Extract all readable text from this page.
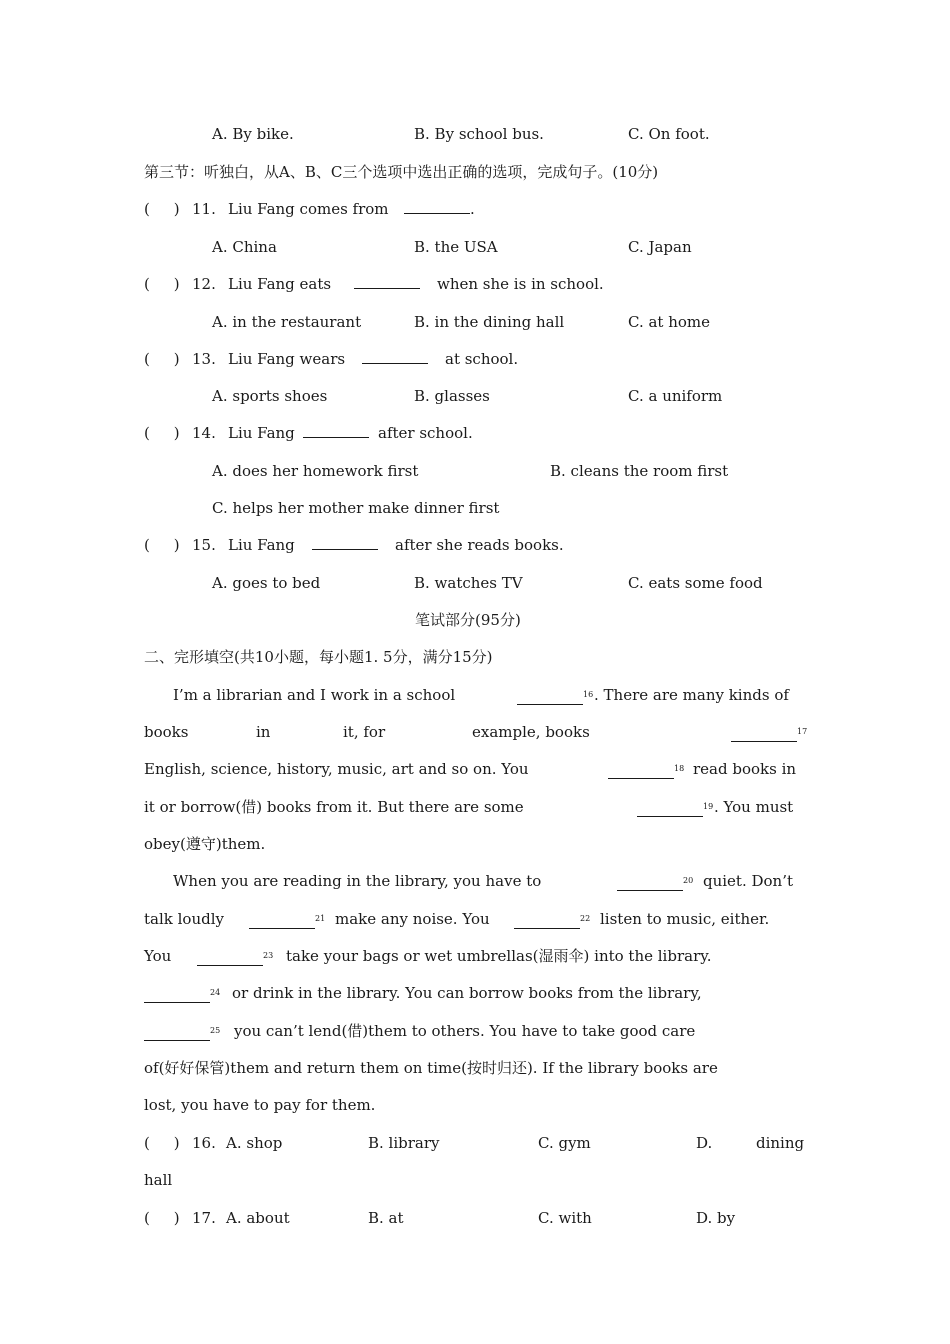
A. By bike.	B. By school bus.	C. On foot.
第三节：听独白，从A、B、C三个选项中选出正确的选项，完成句子。(10分)
(     ) 11. Liu Fang comes from	.
A. China	B. the USA	C. Japan
(     ) 12. Liu Fang eats	when she is in school.
A. in the restaurant	B. in the dining hall	C. at home
(     ) 13. Liu Fang wears	at school.
A. sports shoes	B. glasses	C. a uniform
(     ) 14. Liu Fang	after school.
A. does her homework first	B. cleans the room first
C. helps her mother make dinner first
(     ) 15. Liu Fang	after she reads books.
A. goes to bed	B. watches TV	C. eats some food
笔试部分(95分)
二、完形填空(共10小题，每小题1. 5分，满分15分)
I’m a librarian and I work in a school	$^{16}$ . There are many kinds of
books	in	it, for	example, books	$^{17}$
English, science, history, music, art and so on. You	$^{18}$ read books in
it or borrow(借) books from it. But there are some	$^{19}$ . You must
obey(遵守)them.
When you are reading in the library, you have to	$^{20}$ quiet. Don’t
talk loudly	$^{21}$ make any noise. You	$^{22}$ listen to music, either.
You	$^{23}$ take your bags or wet umbrellas(湿雨伞) into the library.
$^{24}$ or drink in the library. You can borrow books from the library,
$^{25}$ you can’t lend(借)them to others. You have to take good care
of(好好保管)them and return them on time(按时归还). If the library books are
lost, you have to pay for them.
(     ) 16. A. shop	B. library	C. gym	D.	dining
hall
(     ) 17. A. about	B. at	C. with	D. by
